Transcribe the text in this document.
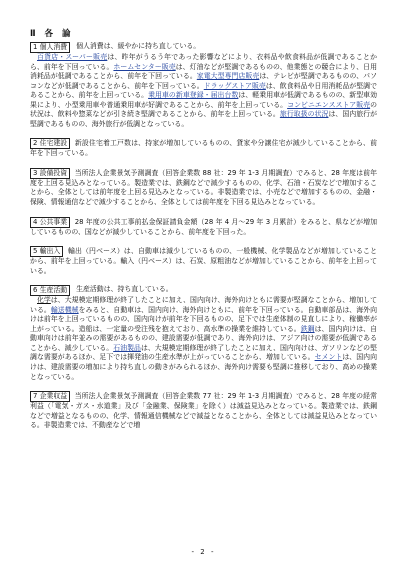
Ⅱ 各 論
1 個人消費	個人消費は、緩やかに持ち直している。

百貨店・スーパー販売は、昨年がうるう年であった影響などにより、衣料品や飲食料品が低調であることから、前年を下回っている。ホームセンター販売は、灯油などが堅調であるものの、他業態との競合により、日用消耗品が低調であることから、前年を下回っている。家電大型専門店販売は、テレビが堅調であるものの、パソコンなどが低調であることから、前年を下回っている。ドラッグストア販売は、飲食料品や日用消耗品が堅調であることから、前年を上回っている。乗用車の新車登録・届出台数は、軽乗用車が低調であるものの、新型車効果により、小型乗用車や普通乗用車が好調であることから、前年を上回っている。コンビニエンスストア販売の状況は、飲料や惣菜などが引き続き堅調であることから、前年を上回っている。旅行取扱の状況は、国内旅行が堅調であるものの、海外旅行が低調となっている。

2 住宅建設 新設住宅着工戸数は、持家が増加しているものの、貸家や分譲住宅が減少していることから、前年を下回っている。

3 設備投資 当所法人企業景気予測調査（回答企業数 88 社：29 年 1-3 月期調査）でみると、28 年度は前年度を上回る見込みとなっている。製造業では、鉄鋼などで減少するものの、化学、石油・石炭などで増加することから、全体としては前年度を上回る見込みとなっている。非製造業では、小売などで増加するものの、金融・保険、情報通信などで減少することから、全体としては前年度を下回る見込みとなっている。

4 公共事業 28 年度の公共工事前払金保証請負金額（28 年 4 月～29 年 3 月累計）をみると、県などが増加しているものの、国などが減少していることから、前年度を下回った。

5 輸出入 輸出（円ベース）は、自動車は減少しているものの、一般機械、化学製品などが増加していることから、前年を上回っている。輸入（円ベース）は、石炭、原粗油などが増加していることから、前年を上回っている。

6 生産活動	生産活動は、持ち直している。

化学は、大規模定期修理が終了したことに加え、国内向け、海外向けともに需要が堅調なことから、増加している。輸送機械をみると、自動車は、国内向け、海外向けともに、前年を下回っている。自動車部品は、海外向けは前年を上回っているものの、国内向けが前年を下回るものの、足下では生産体制の見直しにより、稼働率が上がっている。造船は、一定量の受注残を抱えており、高水準の操業を維持している。鉄鋼は、国内向けは、自動車向けは前年並みの需要があるものの、建設需要が低調であり、海外向けは、アジア向けの需要が低調であることから、減少している。石油製品は、大規模定期修理が終了したことに加え、国内向けは、ガソリンなどの堅調な需要があるほか、足下では揮発油の生産水準が上がっていることから、増加している。セメントは、国内向けは、建設需要の増加により持ち直しの動きがみられるほか、海外向け需要も堅調に推移しており、高めの操業となっている。

7 企業収益 当所法人企業景気予測調査（回答企業数 77 社：29 年 1-3 月期調査）でみると、28 年度の経常利益（「電気・ガス・水道業」及び「金融業、保険業」を除く）は減益見込みとなっている。製造業では、鉄鋼などで増益となるものの、化学、情報通信機械などで減益となることから、全体としては減益見込みとなっている。非製造業では、不動産などで増

- 2 -
